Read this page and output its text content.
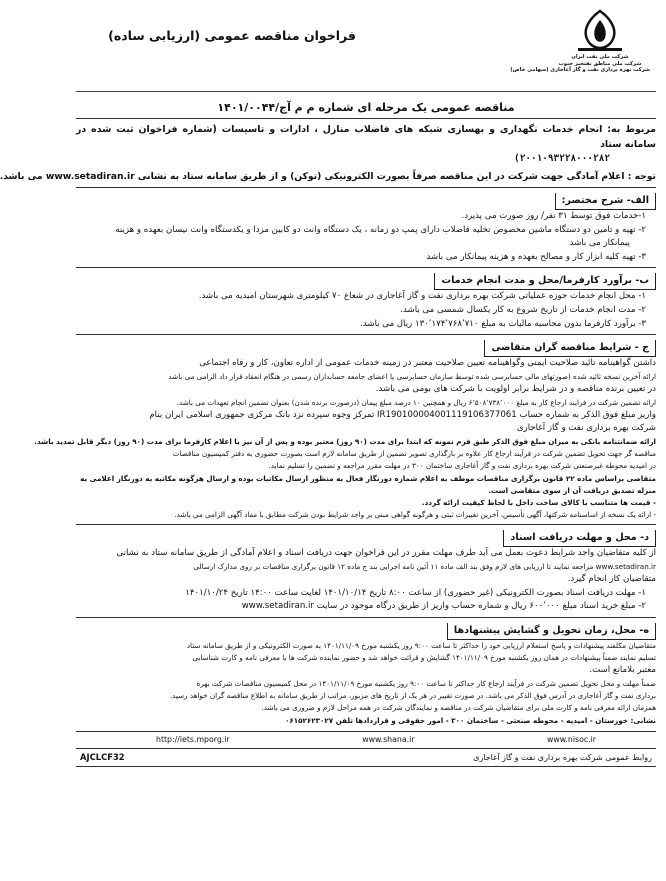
شرکت ملی نفت ایران
شرکت ملی مناطق نفتخیز جنوب
شرکت بهره برداری نفت و گاز آغاجاری (سهامی خاص)
فراخوان مناقصه عمومی (ارزیابی ساده)
مناقصه عمومی یک مرحله ای شماره م م آج/۱۴۰۱/۰۰۴۴
مربوط به: انجام خدمات نگهداری و بهسازی شبکه های فاضلاب منازل ، ادارات و تاسیسات (شماره فراخوان ثبت شده در سامانه ستاد
۲۰۰۱۰۹۳۲۲۸۰۰۰۲۸۲)
توجه : اعلام آمادگی جهت شرکت در این مناقصه صرفاً بصورت الکترونیکی (توکن) و از طریق سامانه ستاد به نشانی www.setadiran.ir می باشد.
الف- شرح مختصر:
۱-خدمات فوق توسط ۳۱ نفر/ روز صورت می پذیرد.
۲- تهیه و تامین دو دستگاه ماشین مخصوص تخلیه فاضلاب دارای پمپ دو زمانه ، یک دستگاه وانت دو کابین مزدا و یکدستگاه وانت نیسان بعهده و هزینه
پیمانکار می باشد
۳- تهیه کلیه ابزار کار و مصالح بعهده و هزینه پیمانکار می باشد
ب- برآورد کارفرما/محل و مدت انجام خدمات
۱- محل انجام خدمات حوزه عملیاتی شرکت بهره برداری نفت و گاز آغاجاری در شعاع ۷۰ کیلومتری شهرستان امیدیه می باشد.
۲- مدت انجام خدمات از تاریخ شروع به کار یکسال شمسی می باشد.
۳- برآورد کارفرما بدون محاسبه مالیات به مبلغ ۱۳۰٬۱۷۴٬۷۶۸٬۷۱۰ ریال می باشد.
ج - شرایط مناقصه گران متقاضی
داشتن گواهینامه تائید صلاحیت ایمنی وگواهینامه تعیین صلاحیت معتبر در زمینه خدمات عمومی از اداره تعاون، کار و رفاه اجتماعی
ارائه آخرین نسخه تائید شده (صورتهای مالی حسابرسی شده توسط سازمان حسابرسی یا اعضای جامعه حسابداران رسمی در هنگام انعقاد قرار داد الزامی می باشد
در تعیین برنده مناقصه و در شرایط برابر اولویت با شرکت های بومی می باشد.
ارائه تضمین شرکت در فرایند ارجاع کار به مبلغ ۶٬۵۰۸٬۷۳۸٬۰۰۰ ریال و همچنین ۱۰ درصد مبلغ پیمان (درصورت برنده شدن) بعنوان تضمین انجام تعهدات می باشد.
واریز مبلغ فوق الذکر به شماره حساب IR190100004001119106377061 تمرکز وجوه سپرده نزد بانک مرکزی جمهوری اسلامی ایران بنام
شرکت بهره برداری نفت و گاز آغاجاری
ارائه ضمانتنامه بانکی به میزان مبلغ فوق الذکر طبق فرم نمونه که ابتدا برای مدت (۹۰ روز) معتبر بوده و پس از آن نیز با اعلام کارفرما برای مدت (۹۰ روز) دیگر قابل تمدید باشد.
مناقصه گر جهت تحویل تضمین شرکت در فرآیند ارجاع کار علاوه بر بارگذاری تصویر تضمین از طریق سامانه لازم است بصورت حضوری به دفتر کمیسیون مناقصات
در امیدیه محوطه غیرصنعتی شرکت بهره برداری نفت و گاز آغاجاری ساختمان ۳۰۰ در مهلت مقرر مراجعه و تضمین را تسلیم نماید.
متقاضی براساس ماده ۲۲ قانون برگزاری مناقصات موظف به اعلام شماره دورنگار فعال به منظور ارسال مکاتبات بوده و ارسال هرگونه مکاتبه به دورنگار اعلامی به
منزله تصدیق دریافت آن از سوی متقاضی است.
- قیمت ها متناسب با کالای ساخت داخل با لحاظ کیفیت ارائه گردد.
- ارائه یک نسخه از اساسنامه شرکتها، آگهی تأسیس، آخرین تغییرات ثبتی و هرگونه گواهی مبنی بر واجد شرایط بودن شرکت مطابق با مفاد آگهی الزامی می باشد.
د- محل و مهلت دریافت اسناد
از کلیه متقاضیان واجد شرایط دعوت بعمل می آید طرف مهلت مقرر در این فراخوان جهت دریافت اسناد و اعلام آمادگی از طریق سامانه ستاد به نشانی
www.setadiran.ir مراجعه نمایند تا ارزیابی های لازم وفق بند الف ماده ۱۱ آئین نامه اجرایی بند ج ماده ۱۲ قانون برگزاری مناقصات بر روی مدارک ارسالی
متقاضیان کار انجام گیرد.
۱- مهلت دریافت اسناد بصورت الکترونیکی (غیر حضوری) از ساعت ۸:۰۰ تاریخ ۱۴۰۱/۱۰/۱۴ لغایت ساعت ۱۴:۰۰ تاریخ ۱۴۰۱/۱۰/۲۴
۲- مبلغ خرید اسناد مبلغ ۶۰۰٬۰۰۰ ریال و شماره حساب واریز از طریق درگاه موجود در سایت www.setadiran.ir
ه- محل، زمان تحویل و گشایش پیشنهادها
متقاضیان مکلفند پیشنهادات و پاسخ استعلام ارزیابی خود را حداکثر تا ساعت ۹:۰۰ روز یکشنبه مورخ ۱۴۰۱/۱۱/۰۹ به صورت الکترونیکی و از طریق سامانه ستاد
تسلیم نمایند ضمناً پیشنهادات در همان روز یکشنبه مورخ ۱۴۰۱/۱۱/۰۹ گشایش و قرائت خواهد شد و حضور نماینده شرکت ها با معرفی نامه و کارت شناسایی
معتبر بلامانع است.
ضمناً مهلت و محل تحویل تضمین شرکت در فرآیند ارجاع کار حداکثر تا ساعت ۹:۰۰ روز یکشنبه مورخ ۱۴۰۱/۱۱/۰۹ در محل کمیسیون مناقصات شرکت بهره
برداری نفت و گاز آغاجاری در آدرس فوق الذکر می باشد. در صورت تغییر در هر یک از تاریخ های مزبور، مراتب از طریق سامانه به اطلاع مناقصه گران خواهد رسید.
همزمان ارائه معرفی نامه و کارت ملی برای متقاضیان شرکت در مناقصه و نمایندگان شرکت در همه مراحل لازم و ضروری می باشد.
نشانی: خوزستان - امیدیه - محوطه صنعتی - ساختمان ۳۰۰ - امور حقوقی و قراردادها تلفن ۰۶۱۵۲۶۲۳۰۲۷
http://iets.mporg.ir	www.shana.ir	www.nisoc.ir
روابط عمومی شرکت بهره برداری نفت و گاز آغاجاری
AJCLCF32
